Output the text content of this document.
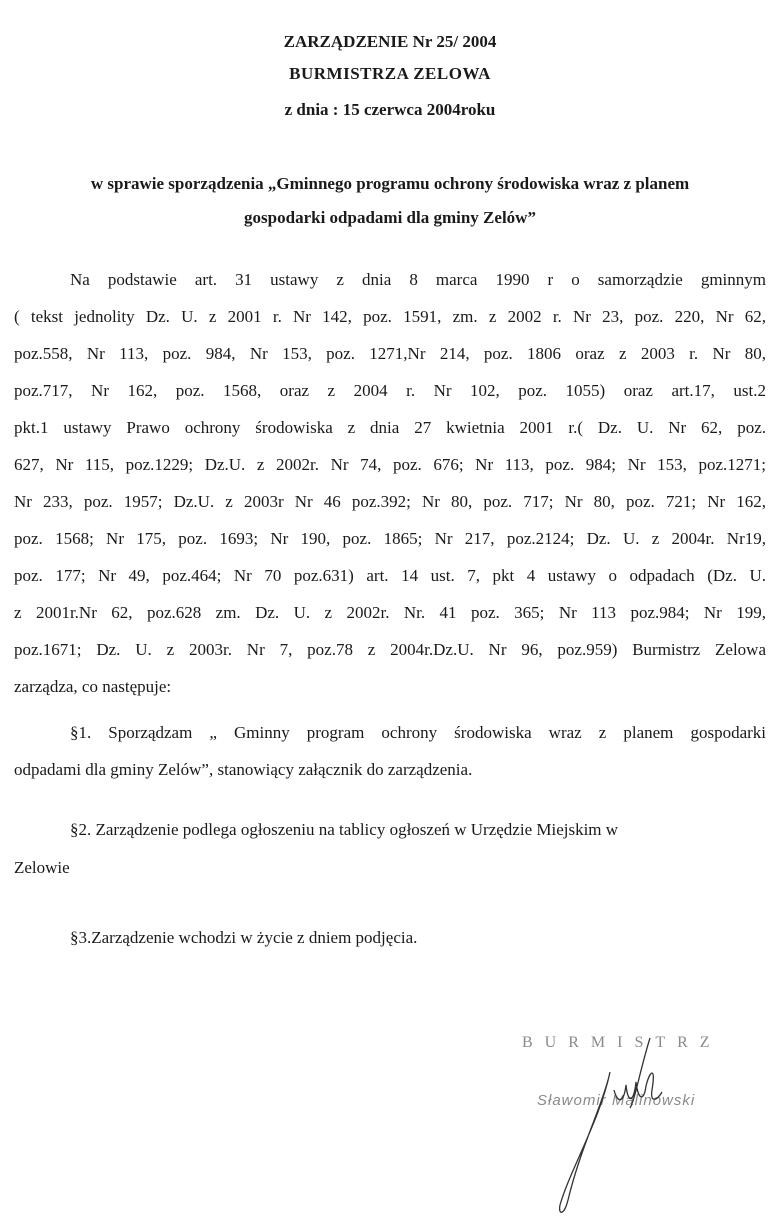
ZARZĄDZENIE Nr 25/ 2004
BURMISTRZA ZELOWA
z dnia : 15 czerwca 2004roku
w sprawie sporządzenia „Gminnego programu ochrony środowiska wraz z planem
gospodarki odpadami dla gminy Zelów”
Na podstawie art. 31 ustawy z dnia 8 marca 1990 r o samorządzie gminnym
( tekst jednolity Dz. U. z 2001 r. Nr 142, poz. 1591, zm. z 2002 r. Nr 23, poz. 220, Nr 62,
poz.558, Nr 113, poz. 984, Nr 153, poz. 1271,Nr 214, poz. 1806 oraz z 2003 r. Nr 80,
poz.717, Nr 162, poz. 1568, oraz z 2004 r. Nr 102, poz. 1055) oraz art.17, ust.2
pkt.1 ustawy Prawo ochrony środowiska z dnia 27 kwietnia 2001 r.( Dz. U. Nr 62, poz.
627, Nr 115, poz.1229; Dz.U. z 2002r. Nr 74, poz. 676; Nr 113, poz. 984; Nr 153, poz.1271;
Nr 233, poz. 1957; Dz.U. z 2003r Nr 46 poz.392; Nr 80, poz. 717; Nr 80, poz. 721; Nr 162,
poz. 1568; Nr 175, poz. 1693; Nr 190, poz. 1865; Nr 217, poz.2124; Dz. U. z 2004r. Nr19,
poz. 177; Nr 49, poz.464; Nr 70 poz.631) art. 14 ust. 7, pkt 4 ustawy o odpadach (Dz. U.
z 2001r.Nr 62, poz.628 zm. Dz. U. z 2002r. Nr. 41 poz. 365; Nr 113 poz.984; Nr 199,
poz.1671; Dz. U. z 2003r. Nr 7, poz.78 z 2004r.Dz.U. Nr 96, poz.959) Burmistrz Zelowa
zarządza, co następuje:
§1. Sporządzam „ Gminny program ochrony środowiska wraz z planem gospodarki
odpadami dla gminy Zelów”, stanowiący załącznik do zarządzenia.
§2. Zarządzenie podlega ogłoszeniu na tablicy ogłoszeń w Urzędzie Miejskim w
Zelowie
§3.Zarządzenie wchodzi w życie z dniem podjęcia.
BURMISTRZ
Sławomir Malinowski
